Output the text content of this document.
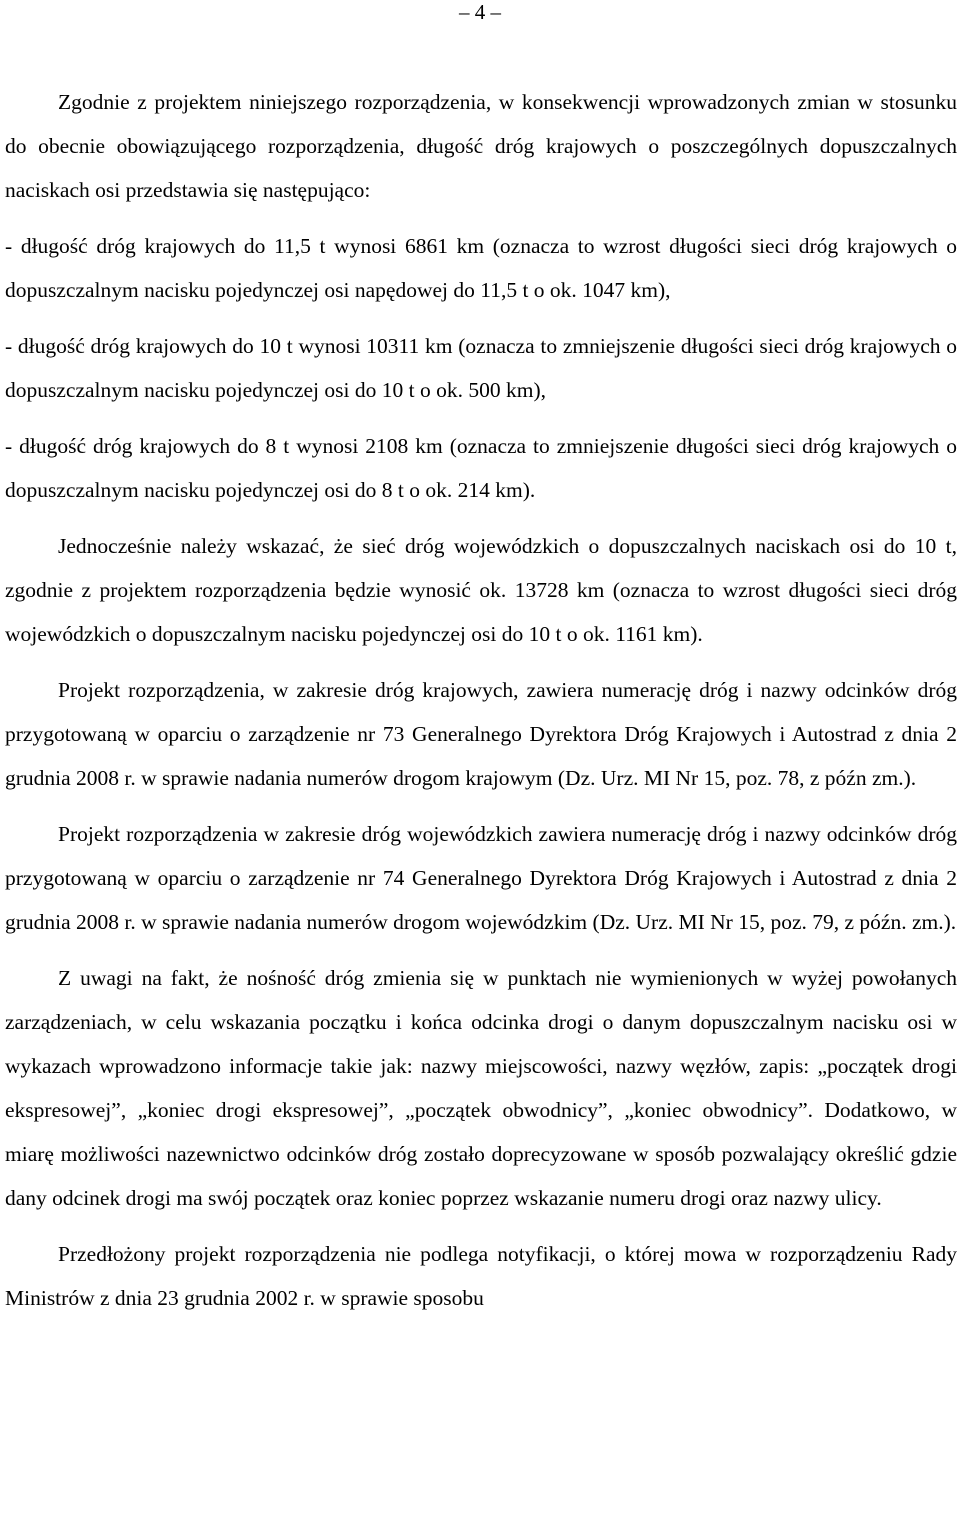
– 4 –

Zgodnie z projektem niniejszego rozporządzenia, w konsekwencji wprowadzonych zmian w stosunku do obecnie obowiązującego rozporządzenia, długość dróg krajowych o poszczególnych dopuszczalnych naciskach osi przedstawia się następująco:

- długość dróg krajowych do 11,5 t wynosi 6861 km (oznacza to wzrost długości sieci dróg krajowych o dopuszczalnym nacisku pojedynczej osi napędowej do 11,5 t o ok. 1047 km),

- długość dróg krajowych do 10 t wynosi 10311 km (oznacza to zmniejszenie długości sieci dróg krajowych o dopuszczalnym nacisku pojedynczej osi do 10 t o ok. 500 km),

- długość dróg krajowych do 8 t wynosi 2108 km (oznacza to zmniejszenie długości sieci dróg krajowych o dopuszczalnym nacisku pojedynczej osi do 8 t o ok. 214 km).

Jednocześnie należy wskazać, że sieć dróg wojewódzkich o dopuszczalnych naciskach osi do 10 t, zgodnie z projektem rozporządzenia będzie wynosić ok. 13728 km (oznacza to wzrost długości sieci dróg wojewódzkich o dopuszczalnym nacisku pojedynczej osi do 10 t o ok. 1161 km).

Projekt rozporządzenia, w zakresie dróg krajowych, zawiera numerację dróg i nazwy odcinków dróg przygotowaną w oparciu o zarządzenie nr 73 Generalnego Dyrektora Dróg Krajowych i Autostrad z dnia 2 grudnia 2008 r. w sprawie nadania numerów drogom krajowym (Dz. Urz. MI Nr 15, poz. 78, z późn zm.).

Projekt rozporządzenia w zakresie dróg wojewódzkich zawiera numerację dróg i nazwy odcinków dróg przygotowaną w oparciu o zarządzenie nr 74 Generalnego Dyrektora Dróg Krajowych i Autostrad z dnia 2 grudnia 2008 r. w sprawie nadania numerów drogom wojewódzkim (Dz. Urz. MI Nr 15, poz. 79, z późn. zm.).

Z uwagi na fakt, że nośność dróg zmienia się w punktach nie wymienionych w wyżej powołanych zarządzeniach, w celu wskazania początku i końca odcinka drogi o danym dopuszczalnym nacisku osi w wykazach wprowadzono informacje takie jak: nazwy miejscowości, nazwy węzłów, zapis: „początek drogi ekspresowej”, „koniec drogi ekspresowej”, „początek obwodnicy”, „koniec obwodnicy”. Dodatkowo, w miarę możliwości nazewnictwo odcinków dróg zostało doprecyzowane w sposób pozwalający określić gdzie dany odcinek drogi ma swój początek oraz koniec poprzez wskazanie numeru drogi oraz nazwy ulicy.

Przedłożony projekt rozporządzenia nie podlega notyfikacji, o której mowa w rozporządzeniu Rady Ministrów z dnia 23 grudnia 2002 r. w sprawie sposobu
